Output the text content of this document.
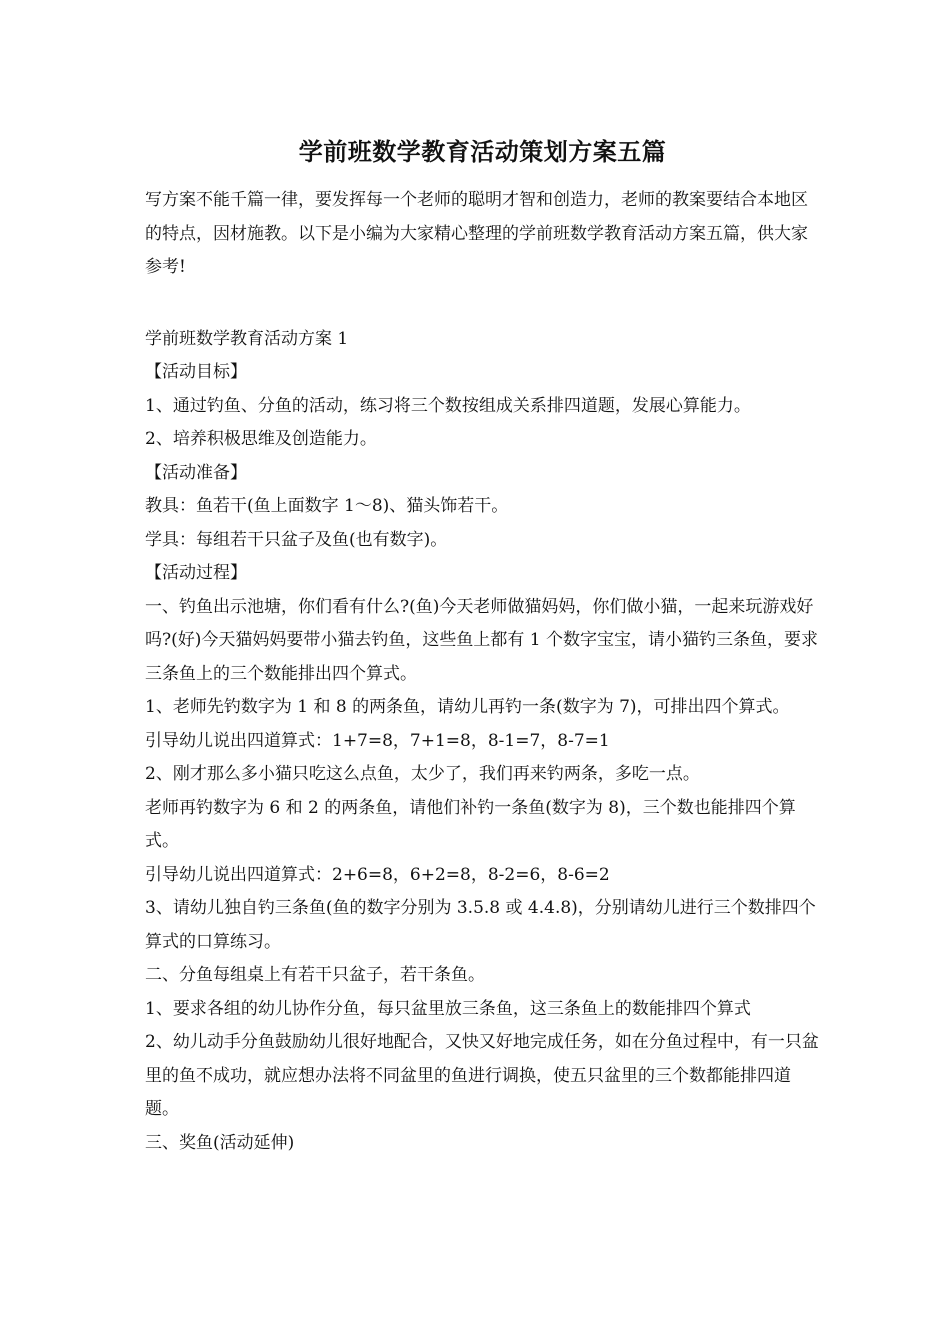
学前班数学教育活动策划方案五篇

写方案不能千篇一律，要发挥每一个老师的聪明才智和创造力，老师的教案要结合本地区的特点，因材施教。以下是小编为大家精心整理的学前班数学教育活动方案五篇，供大家参考!

学前班数学教育活动方案 1

【活动目标】

1、通过钓鱼、分鱼的活动，练习将三个数按组成关系排四道题，发展心算能力。

2、培养积极思维及创造能力。

【活动准备】

教具：鱼若干(鱼上面数字 1～8)、猫头饰若干。

学具：每组若干只盆子及鱼(也有数字)。

【活动过程】

一、钓鱼出示池塘，你们看有什么?(鱼)今天老师做猫妈妈，你们做小猫，一起来玩游戏好吗?(好)今天猫妈妈要带小猫去钓鱼，这些鱼上都有 1 个数字宝宝，请小猫钓三条鱼，要求三条鱼上的三个数能排出四个算式。

1、老师先钓数字为 1 和 8 的两条鱼，请幼儿再钓一条(数字为 7)，可排出四个算式。

引导幼儿说出四道算式：1+7=8，7+1=8，8-1=7，8-7=1

2、刚才那么多小猫只吃这么点鱼，太少了，我们再来钓两条，多吃一点。

老师再钓数字为 6 和 2 的两条鱼，请他们补钓一条鱼(数字为 8)，三个数也能排四个算式。

引导幼儿说出四道算式：2+6=8，6+2=8，8-2=6，8-6=2

3、请幼儿独自钓三条鱼(鱼的数字分别为 3.5.8 或 4.4.8)，分别请幼儿进行三个数排四个算式的口算练习。

二、分鱼每组桌上有若干只盆子，若干条鱼。

1、要求各组的幼儿协作分鱼，每只盆里放三条鱼，这三条鱼上的数能排四个算式

2、幼儿动手分鱼鼓励幼儿很好地配合，又快又好地完成任务，如在分鱼过程中，有一只盆里的鱼不成功，就应想办法将不同盆里的鱼进行调换，使五只盆里的三个数都能排四道题。

三、奖鱼(活动延伸)
